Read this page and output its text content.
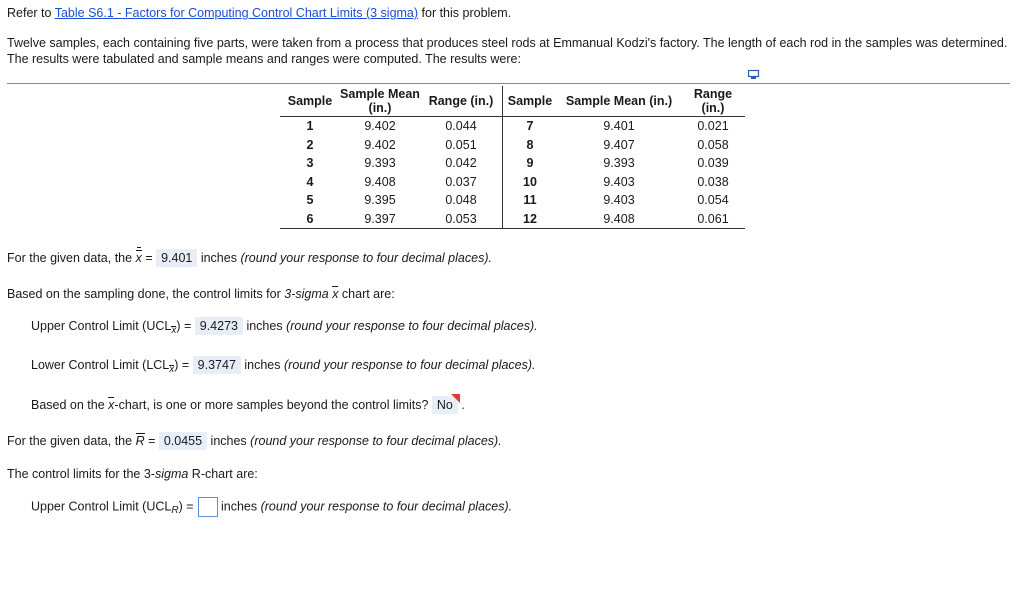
Refer to Table S6.1 - Factors for Computing Control Chart Limits (3 sigma) for this problem.
Twelve samples, each containing five parts, were taken from a process that produces steel rods at Emmanual Kodzi's factory. The length of each rod in the samples was determined. The results were tabulated and sample means and ranges were computed. The results were:
Sample	Sample Mean (in.)	Range (in.)	Sample	Sample Mean (in.)	Range (in.)
1	9.402	0.044	7	9.401	0.021
2	9.402	0.051	8	9.407	0.058
3	9.393	0.042	9	9.393	0.039
4	9.408	0.037	10	9.403	0.038
5	9.395	0.048	11	9.403	0.054
6	9.397	0.053	12	9.408	0.061
For the given data, the
x = 9.401 inches (round your response to four decimal places).
Based on the sampling done, the control limits for 3-sigma x chart are:
Upper Control Limit (UCL
x) = 9.4273 inches (round your response to four decimal places).
Lower Control Limit (LCL
x) = 9.3747 inches (round your response to four decimal places).
Based on the
x-chart, is one or more samples beyond the control limits? No .
For the given data, the
R = 0.0455 inches (round your response to four decimal places).
The control limits for the 3-sigma R-chart are:
Upper Control Limit $(UCL_R)$ = inches (round your response to four decimal places).
